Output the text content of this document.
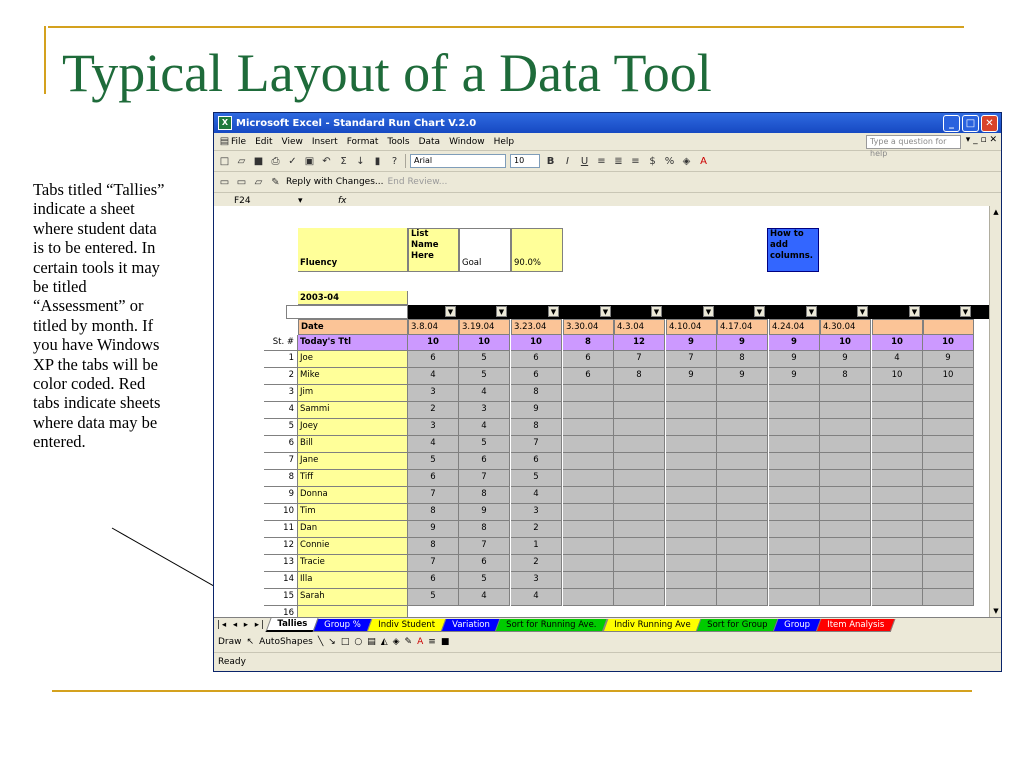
Typical Layout of a Data Tool
Tabs titled “Tallies”
indicate a sheet
where student data
is to be entered. In
certain tools it may
be titled
“Assessment” or
titled by month. If
you have Windows
XP the tabs will be
color coded. Red
tabs indicate sheets
where data may be
entered.
X Microsoft Excel - Standard Run Chart V.2.0	_	□	✕
▤ File Edit View Insert Format Tools Data Window Help	Type a question for help
▾ _ ▫ ✕
□ ▱ ■ ⎙ ✓ ▣ ↶ Σ ↓	▮	?	Arial	10	B	I	U ≡ ≣ ≡ $ % ◈ A
▭ ▭ ▱ ✎ Reply with Changes... End Review...
F24	▾	fx
Fluency
List
Name
Here
Goal	90.0%
How to
add
columns.
2003-04
▼	▼	▼	▼	▼	▼	▼	▼	▼	▼	▼
Date	3.8.04	3.19.04	3.23.04	3.30.04	4.3.04	4.10.04	4.17.04	4.24.04	4.30.04
St. # Today's Ttl	10	10	10	8	12	9	9	9	10	10	10
1 Joe	6	5	6	6	7	7	8	9	9	4	9
2 Mike	4	5	6	6	8	9	9	9	8	10	10
3 Jim	3	4	8
4 Sammi	2	3	9
5 Joey	3	4	8
6 Bill	4	5	7
7 Jane	5	6	6
8 Tiff	6	7	5
9 Donna	7	8	4
10 Tim	8	9	3
11 Dan	9	8	2
12 Connie	8	7	1
13 Tracie	7	6	2
14 Illa	6	5	3
15 Sarah	5	4	4
16
▲
▼
|◂ ◂ ▸ ▸|	Tallies	Group %	Indiv Student	Variation	Sort for Running Ave.	Indiv Running Ave	Sort for Group	Group	Item Analysis
Draw ↖ AutoShapes ╲ ↘ □ ○ ▤ ◭ ◈ ✎ A ≡ ■
Ready
